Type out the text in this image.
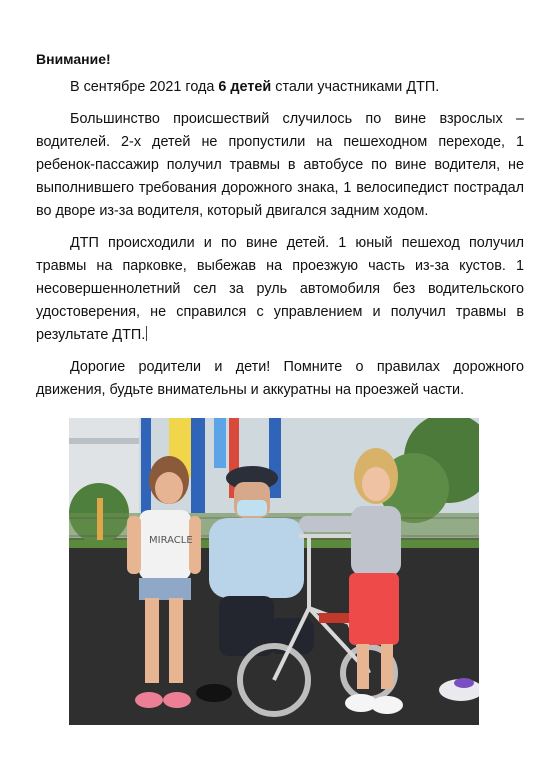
Внимание!

В сентябре 2021 года 6 детей стали участниками ДТП.

Большинство происшествий случилось по вине взрослых – водителей. 2-х детей не пропустили на пешеходном переходе, 1 ребенок-пассажир получил травмы в автобусе по вине водителя, не выполнившего требования дорожного знака, 1 велосипедист пострадал во дворе из-за водителя, который двигался задним ходом.

ДТП происходили и по вине детей. 1 юный пешеход получил травмы на парковке, выбежав на проезжую часть из-за кустов. 1 несовершеннолетний сел за руль автомобиля без водительского удостоверения, не справился с управлением и получил травмы в результате ДТП.

Дорогие родители и дети! Помните о правилах дорожного движения, будьте внимательны и аккуратны на проезжей части.

MIRACLE
